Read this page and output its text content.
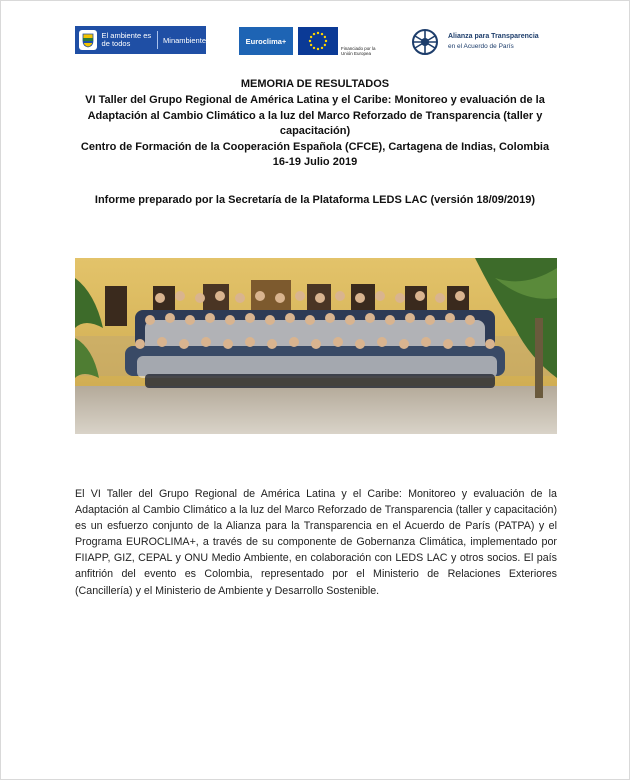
El ambiente es de todos	Minambiente	Euroclima+
Financiado por la Unión Europea
Alianza para Transparencia
en el Acuerdo de París
MEMORIA DE RESULTADOS
VI Taller del Grupo Regional de América Latina y el Caribe: Monitoreo y evaluación de la
Adaptación al Cambio Climático a la luz del Marco Reforzado de Transparencia (taller y
capacitación)
Centro de Formación de la Cooperación Española (CFCE), Cartagena de Indias, Colombia
16-19 Julio 2019
Informe preparado por la Secretaría de la Plataforma LEDS LAC (versión 18/09/2019)

El VI Taller del Grupo Regional de América Latina y el Caribe: Monitoreo y evaluación de la Adaptación al Cambio Climático a la luz del Marco Reforzado de Transparencia (taller y capacitación) es un esfuerzo conjunto de la Alianza para la Transparencia en el Acuerdo de París (PATPA) y el Programa EUROCLIMA+, a través de su componente de Gobernanza Climática, implementado por FIIAPP, GIZ, CEPAL y ONU Medio Ambiente, en colaboración con LEDS LAC y otros socios. El país anfitrión del evento es Colombia, representado por el Ministerio de Relaciones Exteriores (Cancillería) y el Ministerio de Ambiente y Desarrollo Sostenible.
